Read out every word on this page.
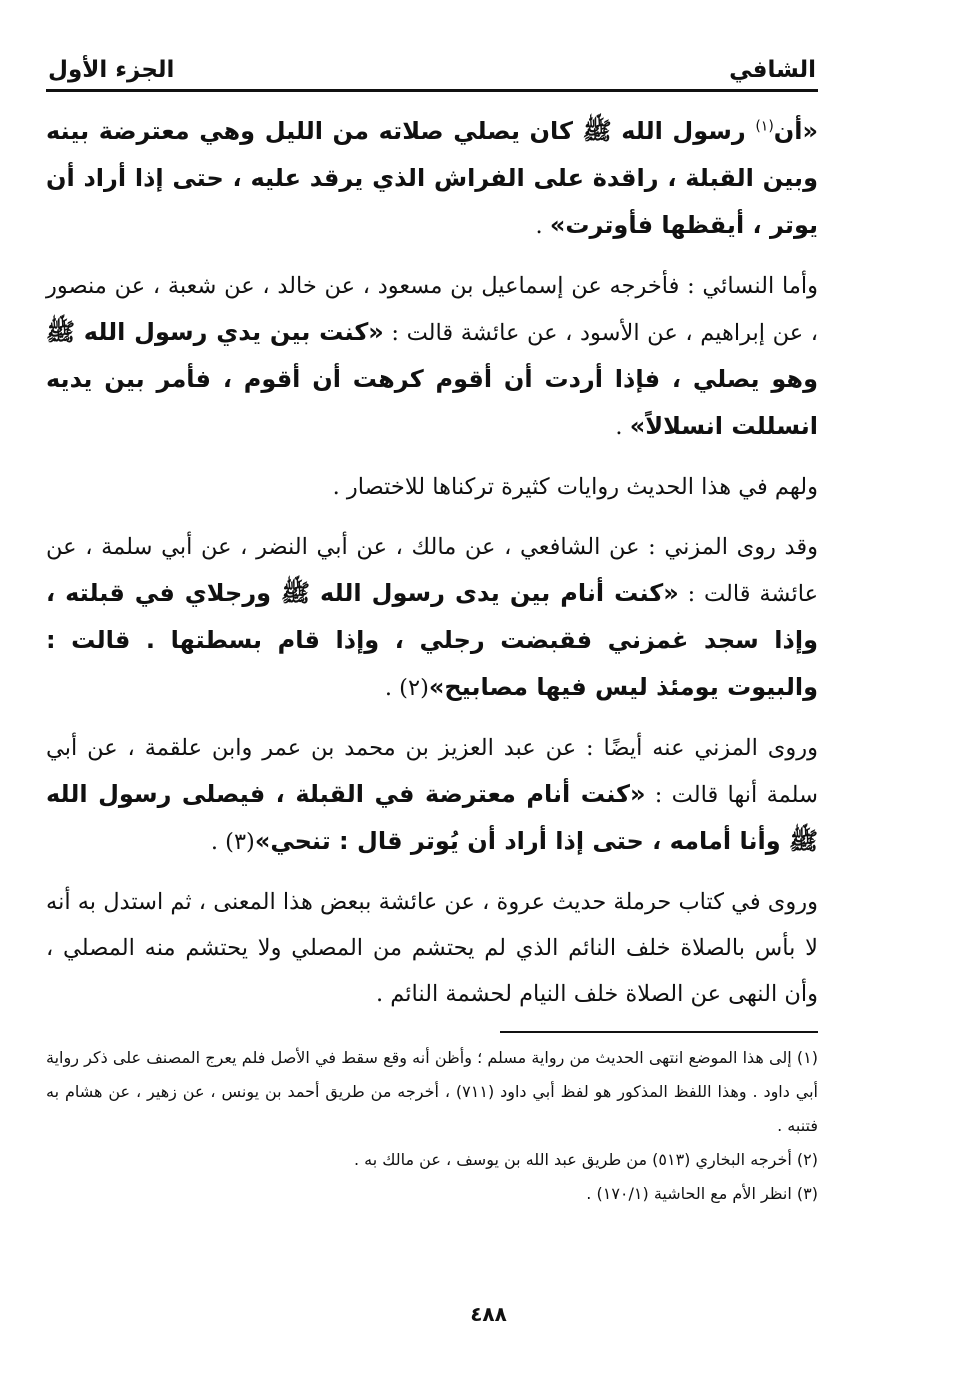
الشافي
الجزء الأول

«أن$^{(١)}$ رسول الله ﷺ كان يصلي صلاته من الليل وهي معترضة بينه وبين القبلة ، راقدة على الفراش الذي يرقد عليه ، حتى إذا أراد أن يوتر ، أيقظها فأوترت» .

وأما النسائي : فأخرجه عن إسماعيل بن مسعود ، عن خالد ، عن شعبة ، عن منصور ، عن إبراهيم ، عن الأسود ، عن عائشة قالت : «كنت بين يدي رسول الله ﷺ وهو يصلي ، فإذا أردت أن أقوم كرهت أن أقوم ، فأمر بين يديه انسللت انسلالاً» .

ولهم في هذا الحديث روايات كثيرة تركناها للاختصار .

وقد روى المزني : عن الشافعي ، عن مالك ، عن أبي النضر ، عن أبي سلمة ، عن عائشة قالت : «كنت أنام بين يدى رسول الله ﷺ ورجلاي في قبلته ، وإذا سجد غمزني فقبضت رجلي ، وإذا قام بسطتها . قالت : والبيوت يومئذ ليس فيها مصابيح»(٢) .

وروى المزني عنه أيضًا : عن عبد العزيز بن محمد بن عمر وابن علقمة ، عن أبي سلمة أنها قالت : «كنت أنام معترضة في القبلة ، فيصلى رسول الله ﷺ وأنا أمامه ، حتى إذا أراد أن يُوتر قال : تنحي»(٣) .

وروى في كتاب حرملة حديث عروة ، عن عائشة ببعض هذا المعنى ، ثم استدل به أنه لا بأس بالصلاة خلف النائم الذي لم يحتشم من المصلي ولا يحتشم منه المصلي ، وأن النهى عن الصلاة خلف النيام لحشمة النائم .

(١) إلى هذا الموضع انتهى الحديث من رواية مسلم ؛ وأظن أنه وقع سقط في الأصل فلم يعرج المصنف على ذكر رواية أبي داود . وهذا اللفظ المذكور هو لفظ أبي داود (٧١١) ، أخرجه من طريق أحمد بن يونس ، عن زهير ، عن هشام به فتنبه .

(٢) أخرجه البخاري (٥١٣) من طريق عبد الله بن يوسف ، عن مالك به .

(٣) انظر الأم مع الحاشية (١٧٠/١) .

٤٨٨
